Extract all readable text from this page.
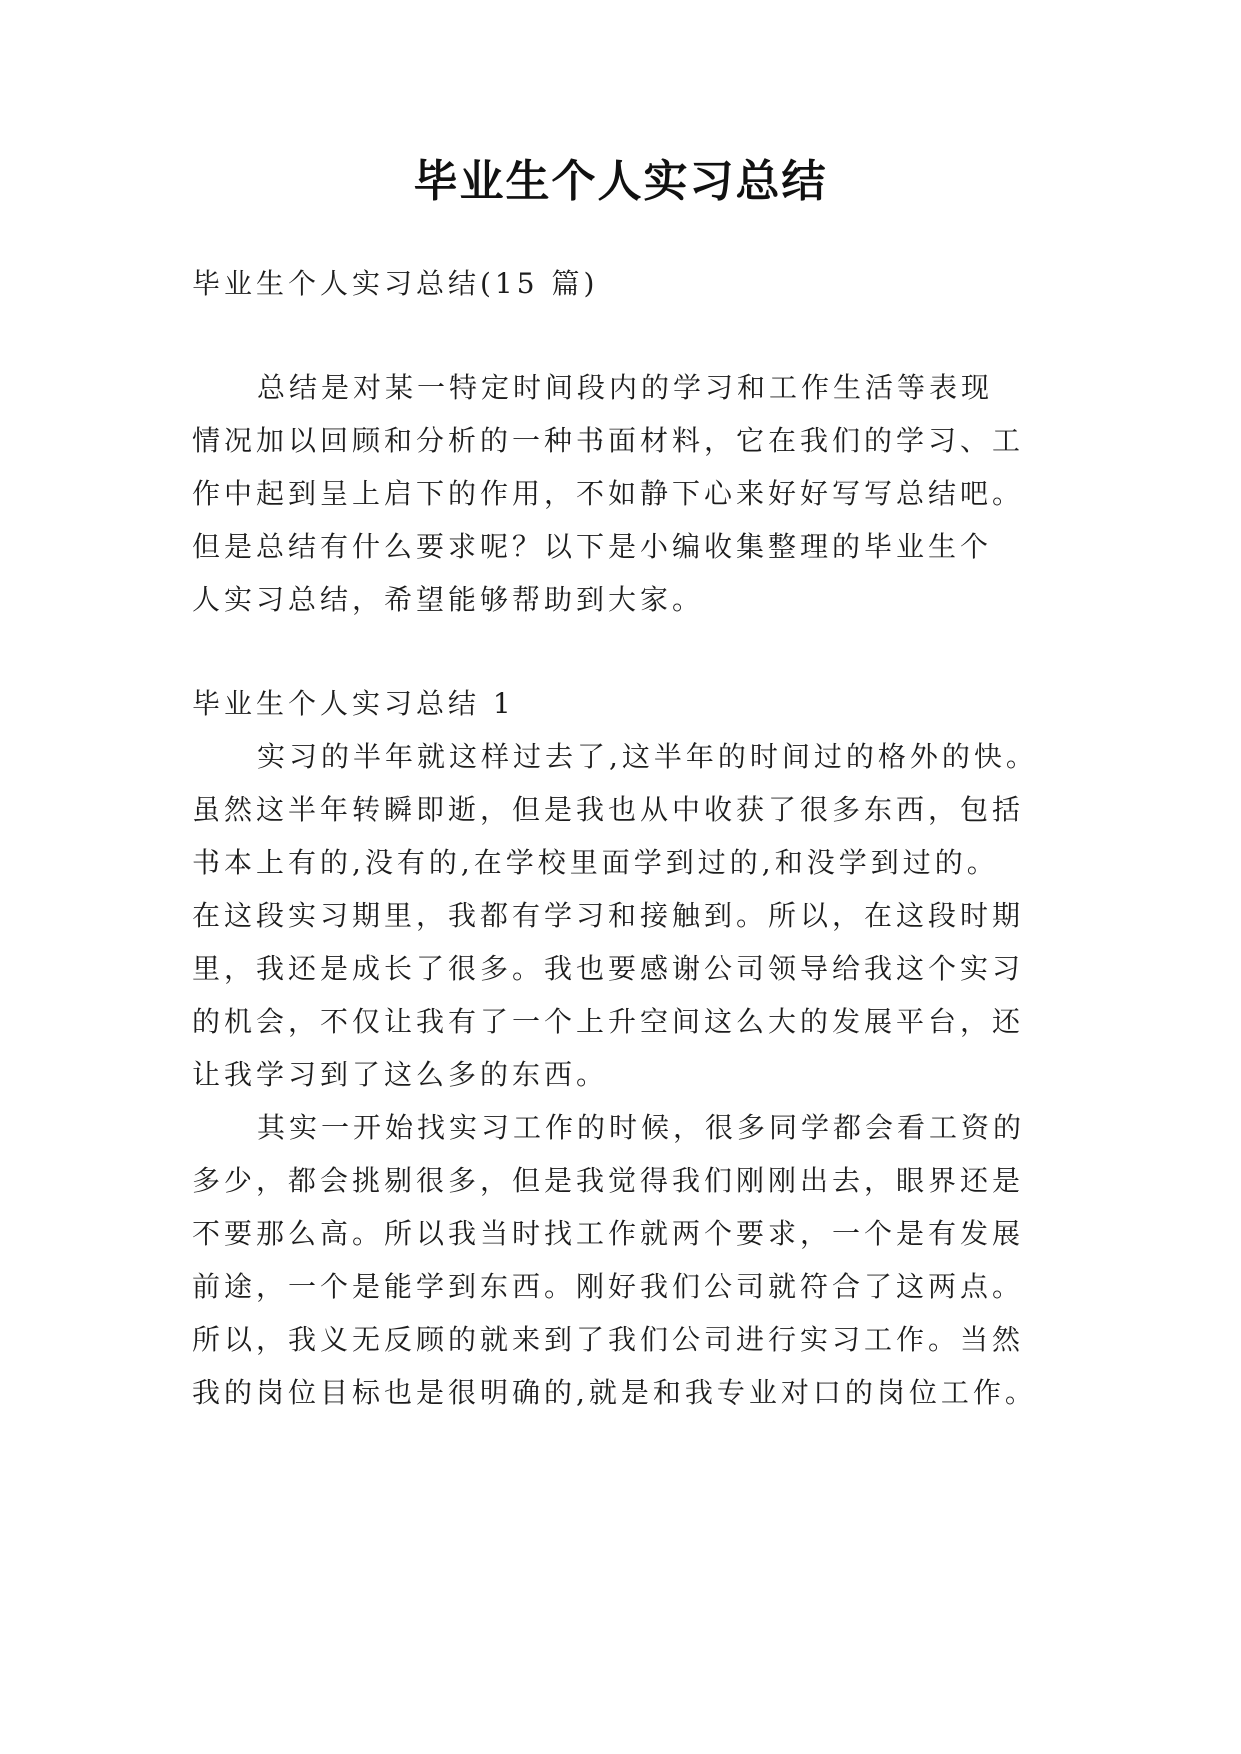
毕业生个人实习总结
毕业生个人实习总结(15 篇)
总结是对某一特定时间段内的学习和工作生活等表现
情况加以回顾和分析的一种书面材料，它在我们的学习、工
作中起到呈上启下的作用，不如静下心来好好写写总结吧。
但是总结有什么要求呢？以下是小编收集整理的毕业生个
人实习总结，希望能够帮助到大家。
毕业生个人实习总结 1
实习的半年就这样过去了,这半年的时间过的格外的快。
虽然这半年转瞬即逝，但是我也从中收获了很多东西，包括
书本上有的,没有的,在学校里面学到过的,和没学到过的。
在这段实习期里，我都有学习和接触到。所以，在这段时期
里，我还是成长了很多。我也要感谢公司领导给我这个实习
的机会，不仅让我有了一个上升空间这么大的发展平台，还
让我学习到了这么多的东西。
其实一开始找实习工作的时候，很多同学都会看工资的
多少，都会挑剔很多，但是我觉得我们刚刚出去，眼界还是
不要那么高。所以我当时找工作就两个要求，一个是有发展
前途，一个是能学到东西。刚好我们公司就符合了这两点。
所以，我义无反顾的就来到了我们公司进行实习工作。当然
我的岗位目标也是很明确的,就是和我专业对口的岗位工作。
